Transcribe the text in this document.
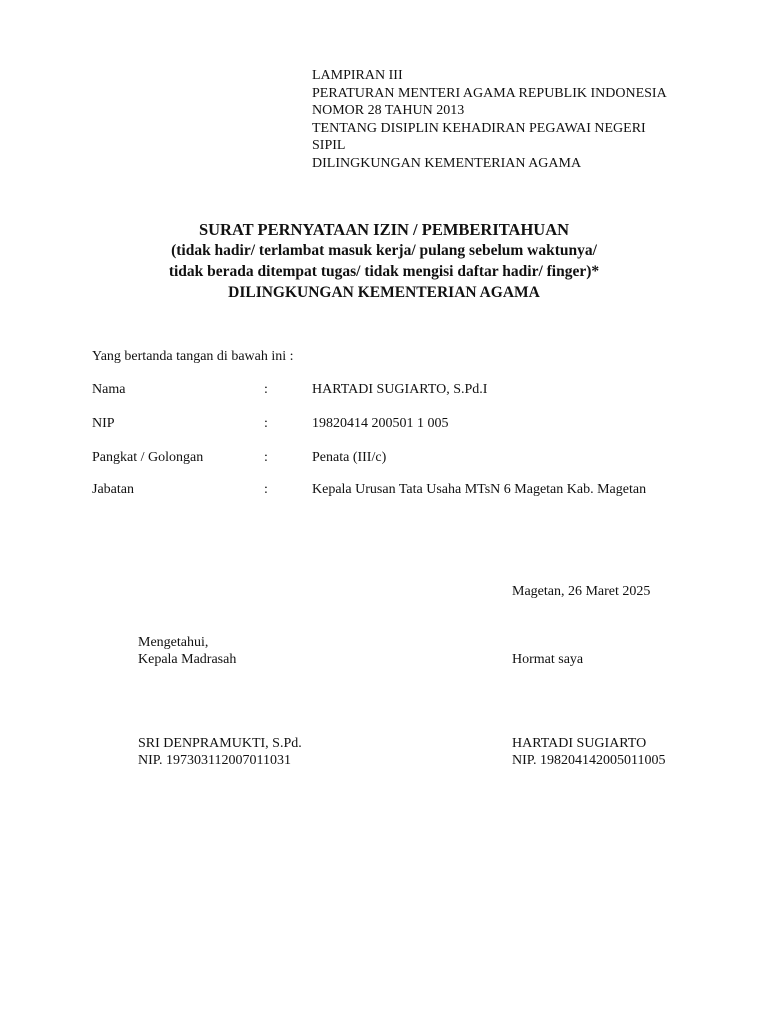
LAMPIRAN III
PERATURAN MENTERI AGAMA REPUBLIK INDONESIA
NOMOR 28 TAHUN 2013
TENTANG DISIPLIN KEHADIRAN PEGAWAI NEGERI
SIPIL
DILINGKUNGAN KEMENTERIAN AGAMA
SURAT PERNYATAAN IZIN / PEMBERITAHUAN
(tidak hadir/ terlambat masuk kerja/ pulang sebelum waktunya/
tidak berada ditempat tugas/ tidak mengisi daftar hadir/ finger)*
DILINGKUNGAN KEMENTERIAN AGAMA
Yang bertanda tangan di bawah ini :
Nama	:	HARTADI SUGIARTO, S.Pd.I
NIP	:	19820414 200501 1 005
Pangkat / Golongan	:	Penata (III/c)
Jabatan	:	Kepala Urusan Tata Usaha MTsN 6 Magetan Kab. Magetan
Magetan, 26 Maret 2025
Mengetahui,
Kepala Madrasah	Hormat saya
SRI DENPRAMUKTI, S.Pd.
NIP. 197303112007011031
HARTADI SUGIARTO
NIP. 198204142005011005
